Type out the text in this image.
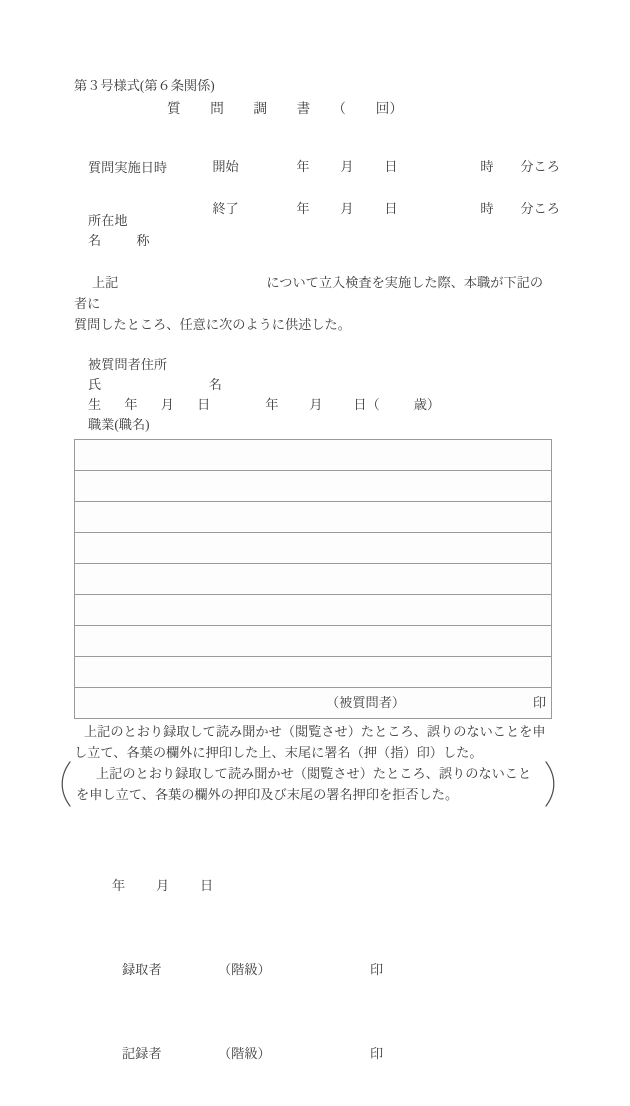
第３号様式(第６条関係)
質　問　調　書 （ 回）
質問実施日時	開始	年 月 日	時 分ころ

終了	年 月 日	時 分ころ

所在地
名　称
上記	について立入検査を実施した際、本職が下記の者に
質問したところ、任意に次のように供述した。
被質問者住所
氏　　　名
生　年　月　日	年 月 日（	歳）
職業(職名)

（被質問者）	印
上記のとおり録取して読み聞かせ（閲覧させ）たところ、誤りのないことを申し立て、各葉の欄外に押印した上、末尾に署名（押（指）印）した。
上記のとおり録取して読み聞かせ（閲覧させ）たところ、誤りのないことを申し立て、各葉の欄外の押印及び末尾の署名押印を拒否した。

年 月 日

録取者	（階級）	印

記録者	（階級）	印
